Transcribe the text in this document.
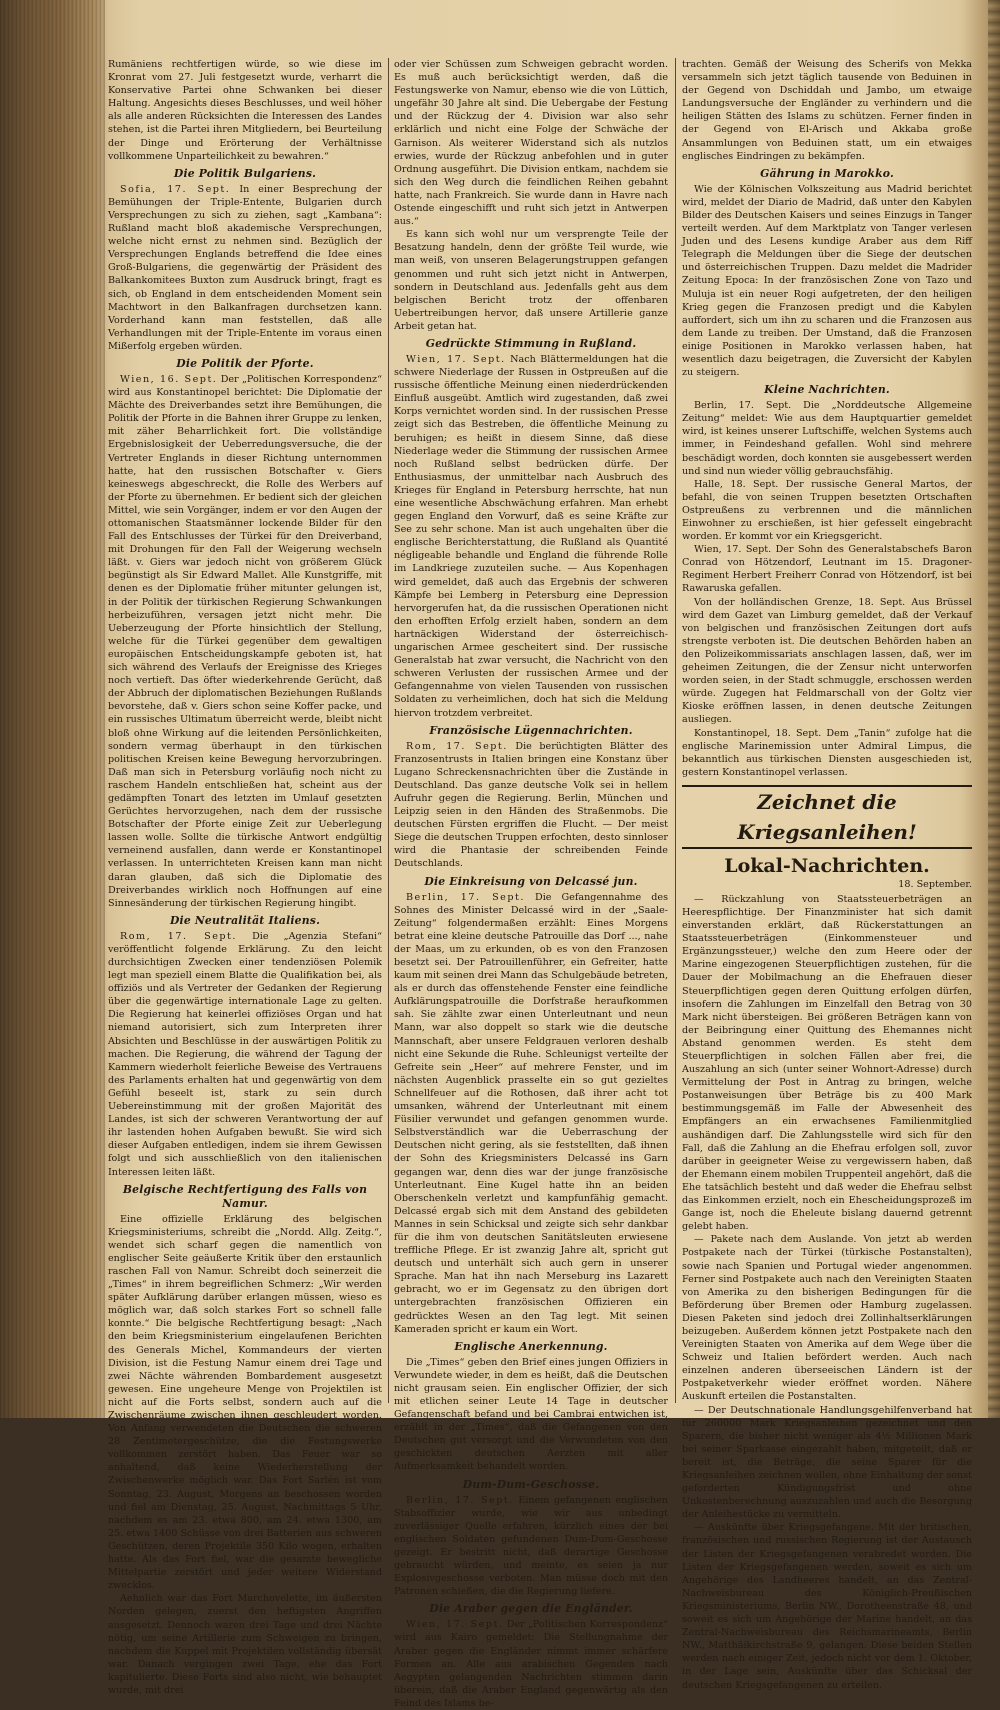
Rumäniens rechtfertigen würde, so wie diese im Kronrat vom 27. Juli festgesetzt wurde, verharrt die Konservative Partei ohne Schwanken bei dieser Haltung. Angesichts dieses Beschlusses, und weil höher als alle anderen Rücksichten die Interessen des Landes stehen, ist die Partei ihren Mitgliedern, bei Beurteilung der Dinge und Erörterung der Verhältnisse vollkommene Unparteilichkeit zu bewahren.“

Die Politik Bulgariens.

Sofia, 17. Sept. In einer Besprechung der Bemühungen der Triple-Entente, Bulgarien durch Versprechungen zu sich zu ziehen, sagt „Kambana“: Rußland macht bloß akademische Versprechungen, welche nicht ernst zu nehmen sind. Bezüglich der Versprechungen Englands betreffend die Idee eines Groß-Bulgariens, die gegenwärtig der Präsident des Balkankomitees Buxton zum Ausdruck bringt, fragt es sich, ob England in dem entscheidenden Moment sein Machtwort in den Balkanfragen durchsetzen kann. Vorderhand kann man feststellen, daß alle Verhandlungen mit der Triple-Entente im voraus einen Mißerfolg ergeben würden.

Die Politik der Pforte.

Wien, 16. Sept. Der „Politischen Korrespondenz“ wird aus Konstantinopel berichtet: Die Diplomatie der Mächte des Dreiverbandes setzt ihre Bemühungen, die Politik der Pforte in die Bahnen ihrer Gruppe zu lenken, mit zäher Beharrlichkeit fort. Die vollständige Ergebnislosigkeit der Ueberredungsversuche, die der Vertreter Englands in dieser Richtung unternommen hatte, hat den russischen Botschafter v. Giers keineswegs abgeschreckt, die Rolle des Werbers auf der Pforte zu übernehmen. Er bedient sich der gleichen Mittel, wie sein Vorgänger, indem er vor den Augen der ottomanischen Staatsmänner lockende Bilder für den Fall des Entschlusses der Türkei für den Dreiverband, mit Drohungen für den Fall der Weigerung wechseln läßt. v. Giers war jedoch nicht von größerem Glück begünstigt als Sir Edward Mallet. Alle Kunstgriffe, mit denen es der Diplomatie früher mitunter gelungen ist, in der Politik der türkischen Regierung Schwankungen herbeizuführen, versagen jetzt nicht mehr. Die Ueberzeugung der Pforte hinsichtlich der Stellung, welche für die Türkei gegenüber dem gewaltigen europäischen Entscheidungskampfe geboten ist, hat sich während des Verlaufs der Ereignisse des Krieges noch vertieft. Das öfter wiederkehrende Gerücht, daß der Abbruch der diplomatischen Beziehungen Rußlands bevorstehe, daß v. Giers schon seine Koffer packe, und ein russisches Ultimatum überreicht werde, bleibt nicht bloß ohne Wirkung auf die leitenden Persönlichkeiten, sondern vermag überhaupt in den türkischen politischen Kreisen keine Bewegung hervorzubringen. Daß man sich in Petersburg vorläufig noch nicht zu raschem Handeln entschließen hat, scheint aus der gedämpften Tonart des letzten im Umlauf gesetzten Gerüchtes hervorzugehen, nach dem der russische Botschafter der Pforte einige Zeit zur Ueberlegung lassen wolle. Sollte die türkische Antwort endgültig verneinend ausfallen, dann werde er Konstantinopel verlassen. In unterrichteten Kreisen kann man nicht daran glauben, daß sich die Diplomatie des Dreiverbandes wirklich noch Hoffnungen auf eine Sinnesänderung der türkischen Regierung hingibt.

Die Neutralität Italiens.

Rom, 17. Sept. Die „Agenzia Stefani“ veröffentlicht folgende Erklärung. Zu den leicht durchsichtigen Zwecken einer tendenziösen Polemik legt man speziell einem Blatte die Qualifikation bei, als offiziös und als Vertreter der Gedanken der Regierung über die gegenwärtige internationale Lage zu gelten. Die Regierung hat keinerlei offiziöses Organ und hat niemand autorisiert, sich zum Interpreten ihrer Absichten und Beschlüsse in der auswärtigen Politik zu machen. Die Regierung, die während der Tagung der Kammern wiederholt feierliche Beweise des Vertrauens des Parlaments erhalten hat und gegenwärtig von dem Gefühl beseelt ist, stark zu sein durch Uebereinstimmung mit der großen Majorität des Landes, ist sich der schweren Verantwortung der auf ihr lastenden hohen Aufgaben bewußt. Sie wird sich dieser Aufgaben entledigen, indem sie ihrem Gewissen folgt und sich ausschließlich von den italienischen Interessen leiten läßt.

Belgische Rechtfertigung des Falls von Namur.

Eine offizielle Erklärung des belgischen Kriegsministeriums, schreibt die „Nordd. Allg. Zeitg.“, wendet sich scharf gegen die namentlich von englischer Seite geäußerte Kritik über den erstaunlich raschen Fall von Namur. Schreibt doch seinerzeit die „Times“ in ihrem begreiflichen Schmerz: „Wir werden später Aufklärung darüber erlangen müssen, wieso es möglich war, daß solch starkes Fort so schnell falle konnte.“ Die belgische Rechtfertigung besagt: „Nach den beim Kriegsministerium eingelaufenen Berichten des Generals Michel, Kommandeurs der vierten Division, ist die Festung Namur einem drei Tage und zwei Nächte währenden Bombardement ausgesetzt gewesen. Eine ungeheure Menge von Projektilen ist nicht auf die Forts selbst, sondern auch auf die Zwischenräume zwischen ihnen geschleudert worden. Von Anfang verwendeten die Deutschen die schweren 28 Zentimetergeschütze, die die Festungswerke vollkommen zerstört haben. Das Feuer war so anhaltend, daß keine Wiederherstellung der Zwischenwerke möglich war. Das Fort Sarlén ist vom Sonntag, 23. August, Morgens an beschossen worden und fiel am Dienstag, 25. August, Nachmittags 5 Uhr, nachdem es am 23. etwa 800, am 24. etwa 1300, am 25. etwa 1400 Schüsse von drei Batterien aus schweren Geschützen, deren Projektile 350 Kilo wogen, erhalten hatte. Als das Fort fiel, war die gesamte bewegliche Mittelpartie zerstört und jeder weitere Widerstand zwecklos.

Aehnlich war das Fort Marchovelette, im äußersten Norden gelegen, zuerst den heftigsten Angriffen ausgesetzt. Dennoch waren drei Tage und drei Nächte nötig, um seine Artillerie zum Schweigen zu bringen, nachdem die Kuppel mit Projektilen vollständig übersät war. Danach vergingen zwei Tage, ehe das Fort kapitulierte. Diese Forts sind also nicht, wie behauptet wurde, mit drei

oder vier Schüssen zum Schweigen gebracht worden. Es muß auch berücksichtigt werden, daß die Festungswerke von Namur, ebenso wie die von Lüttich, ungefähr 30 Jahre alt sind. Die Uebergabe der Festung und der Rückzug der 4. Division war also sehr erklärlich und nicht eine Folge der Schwäche der Garnison. Als weiterer Widerstand sich als nutzlos erwies, wurde der Rückzug anbefohlen und in guter Ordnung ausgeführt. Die Division entkam, nachdem sie sich den Weg durch die feindlichen Reihen gebahnt hatte, nach Frankreich. Sie wurde dann in Havre nach Ostende eingeschifft und ruht sich jetzt in Antwerpen aus.“

Es kann sich wohl nur um versprengte Teile der Besatzung handeln, denn der größte Teil wurde, wie man weiß, von unseren Belagerungstruppen gefangen genommen und ruht sich jetzt nicht in Antwerpen, sondern in Deutschland aus. Jedenfalls geht aus dem belgischen Bericht trotz der offenbaren Uebertreibungen hervor, daß unsere Artillerie ganze Arbeit getan hat.

Gedrückte Stimmung in Rußland.

Wien, 17. Sept. Nach Blättermeldungen hat die schwere Niederlage der Russen in Ostpreußen auf die russische öffentliche Meinung einen niederdrückenden Einfluß ausgeübt. Amtlich wird zugestanden, daß zwei Korps vernichtet worden sind. In der russischen Presse zeigt sich das Bestreben, die öffentliche Meinung zu beruhigen; es heißt in diesem Sinne, daß diese Niederlage weder die Stimmung der russischen Armee noch Rußland selbst bedrücken dürfe. Der Enthusiasmus, der unmittelbar nach Ausbruch des Krieges für England in Petersburg herrschte, hat nun eine wesentliche Abschwächung erfahren. Man erhebt gegen England den Vorwurf, daß es seine Kräfte zur See zu sehr schone. Man ist auch ungehalten über die englische Berichterstattung, die Rußland als Quantité négligeable behandle und England die führende Rolle im Landkriege zuzuteilen suche. — Aus Kopenhagen wird gemeldet, daß auch das Ergebnis der schweren Kämpfe bei Lemberg in Petersburg eine Depression hervorgerufen hat, da die russischen Operationen nicht den erhofften Erfolg erzielt haben, sondern an dem hartnäckigen Widerstand der österreichisch-ungarischen Armee gescheitert sind. Der russische Generalstab hat zwar versucht, die Nachricht von den schweren Verlusten der russischen Armee und der Gefangennahme von vielen Tausenden von russischen Soldaten zu verheimlichen, doch hat sich die Meldung hiervon trotzdem verbreitet.

Französische Lügennachrichten.

Rom, 17. Sept. Die berüchtigten Blätter des Franzosentrusts in Italien bringen eine Konstanz über Lugano Schreckensnachrichten über die Zustände in Deutschland. Das ganze deutsche Volk sei in hellem Aufruhr gegen die Regierung. Berlin, München und Leipzig seien in den Händen des Straßenmobs. Die deutschen Fürsten ergriffen die Flucht. — Der meist Siege die deutschen Truppen erfochten, desto sinnloser wird die Phantasie der schreibenden Feinde Deutschlands.

Die Einkreisung von Delcassé jun.

Berlin, 17. Sept. Die Gefangennahme des Sohnes des Minister Delcassé wird in der „Saale-Zeitung“ folgendermaßen erzählt: Eines Morgens betrat eine kleine deutsche Patrouille das Dorf ..., nahe der Maas, um zu erkunden, ob es von den Franzosen besetzt sei. Der Patrouillenführer, ein Gefreiter, hatte kaum mit seinen drei Mann das Schulgebäude betreten, als er durch das offenstehende Fenster eine feindliche Aufklärungspatrouille die Dorfstraße heraufkommen sah. Sie zählte zwar einen Unterleutnant und neun Mann, war also doppelt so stark wie die deutsche Mannschaft, aber unsere Feldgrauen verloren deshalb nicht eine Sekunde die Ruhe. Schleunigst verteilte der Gefreite sein „Heer“ auf mehrere Fenster, und im nächsten Augenblick prasselte ein so gut gezieltes Schnellfeuer auf die Rothosen, daß ihrer acht tot umsanken, während der Unterleutnant mit einem Füsilier verwundet und gefangen genommen wurde. Selbstverständlich war die Ueberraschung der Deutschen nicht gering, als sie feststellten, daß ihnen der Sohn des Kriegsministers Delcassé ins Garn gegangen war, denn dies war der junge französische Unterleutnant. Eine Kugel hatte ihn an beiden Oberschenkeln verletzt und kampfunfähig gemacht. Delcassé ergab sich mit dem Anstand des gebildeten Mannes in sein Schicksal und zeigte sich sehr dankbar für die ihm von deutschen Sanitätsleuten erwiesene treffliche Pflege. Er ist zwanzig Jahre alt, spricht gut deutsch und unterhält sich auch gern in unserer Sprache. Man hat ihn nach Merseburg ins Lazarett gebracht, wo er im Gegensatz zu den übrigen dort untergebrachten französischen Offizieren ein gedrücktes Wesen an den Tag legt. Mit seinen Kameraden spricht er kaum ein Wort.

Englische Anerkennung.

Die „Times“ geben den Brief eines jungen Offiziers in Verwundete wieder, in dem es heißt, daß die Deutschen nicht grausam seien. Ein englischer Offizier, der sich mit etlichen seiner Leute 14 Tage in deutscher Gefangenschaft befand und bei Cambrai entwichen ist, erzählt in der „Times“, daß die Gefangenen von den Deutschen gut versorgt und die Verwundeten von den geschickten deutschen Aerzten mit aller Aufmerksamkeit behandelt worden.

Dum-Dum-Geschosse.

Berlin, 17. Sept. Einem gefangenen englischen Stabsoffizier wurde, wie wir aus unbedingt zuverlässiger Quelle erfahren, kürzlich eines der bei englischen Soldaten gefundenen Dum-Dum-Geschosse gezeigt. Er bestritt nicht, daß derartige Geschosse gebraucht würden, und meinte, es seien ja nur Explosivgeschosse verboten. Man müsse doch mit den Patronen schießen, die die Regierung liefere.

Die Araber gegen die Engländer.

Wien, 17. Sept. Der „Politischen Korrespondenz“ wird aus Kairo gemeldet: Die Stellungnahme der Araber gegen die Engländer nimmt immer schärfere Formen an. Alle aus arabischen Gegenden nach Aegypten gelangenden Nachrichten stimmen darin überein, daß die Araber England gegenwärtig als den Feind des Islams be-

trachten. Gemäß der Weisung des Scherifs von Mekka versammeln sich jetzt täglich tausende von Beduinen in der Gegend von Dschiddah und Jambo, um etwaige Landungsversuche der Engländer zu verhindern und die heiligen Stätten des Islams zu schützen. Ferner finden in der Gegend von El-Arisch und Akkaba große Ansammlungen von Beduinen statt, um ein etwaiges englisches Eindringen zu bekämpfen.

Gährung in Marokko.

Wie der Kölnischen Volkszeitung aus Madrid berichtet wird, meldet der Diario de Madrid, daß unter den Kabylen Bilder des Deutschen Kaisers und seines Einzugs in Tanger verteilt werden. Auf dem Marktplatz von Tanger verlesen Juden und des Lesens kundige Araber aus dem Riff Telegraph die Meldungen über die Siege der deutschen und österreichischen Truppen. Dazu meldet die Madrider Zeitung Epoca: In der französischen Zone von Tazo und Muluja ist ein neuer Rogi aufgetreten, der den heiligen Krieg gegen die Franzosen predigt und die Kabylen auffordert, sich um ihn zu scharen und die Franzosen aus dem Lande zu treiben. Der Umstand, daß die Franzosen einige Positionen in Marokko verlassen haben, hat wesentlich dazu beigetragen, die Zuversicht der Kabylen zu steigern.

Kleine Nachrichten.

Berlin, 17. Sept. Die „Norddeutsche Allgemeine Zeitung“ meldet: Wie aus dem Hauptquartier gemeldet wird, ist keines unserer Luftschiffe, welchen Systems auch immer, in Feindeshand gefallen. Wohl sind mehrere beschädigt worden, doch konnten sie ausgebessert werden und sind nun wieder völlig gebrauchsfähig.

Halle, 18. Sept. Der russische General Martos, der befahl, die von seinen Truppen besetzten Ortschaften Ostpreußens zu verbrennen und die männlichen Einwohner zu erschießen, ist hier gefesselt eingebracht worden. Er kommt vor ein Kriegsgericht.

Wien, 17. Sept. Der Sohn des Generalstabschefs Baron Conrad von Hötzendorf, Leutnant im 15. Dragoner-Regiment Herbert Freiherr Conrad von Hötzendorf, ist bei Rawaruska gefallen.

Von der holländischen Grenze, 18. Sept. Aus Brüssel wird dem Gazet van Limburg gemeldet, daß der Verkauf von belgischen und französischen Zeitungen dort aufs strengste verboten ist. Die deutschen Behörden haben an den Polizeikommissariats anschlagen lassen, daß, wer im geheimen Zeitungen, die der Zensur nicht unterworfen worden seien, in der Stadt schmuggle, erschossen werden würde. Zugegen hat Feldmarschall von der Goltz vier Kioske eröffnen lassen, in denen deutsche Zeitungen ausliegen.

Konstantinopel, 18. Sept. Dem „Tanin“ zufolge hat die englische Marinemission unter Admiral Limpus, die bekanntlich aus türkischen Diensten ausgeschieden ist, gestern Konstantinopel verlassen.

Zeichnet die Kriegsanleihen!
Lokal-Nachrichten.
18. September.

— Rückzahlung von Staatssteuerbeträgen an Heerespflichtige. Der Finanzminister hat sich damit einverstanden erklärt, daß Rückerstattungen an Staatssteuerbeträgen (Einkommensteuer und Ergänzungssteuer,) welche den zum Heere oder der Marine eingezogenen Steuerpflichtigen zustehen, für die Dauer der Mobilmachung an die Ehefrauen dieser Steuerpflichtigen gegen deren Quittung erfolgen dürfen, insofern die Zahlungen im Einzelfall den Betrag von 30 Mark nicht übersteigen. Bei größeren Beträgen kann von der Beibringung einer Quittung des Ehemannes nicht Abstand genommen werden. Es steht dem Steuerpflichtigen in solchen Fällen aber frei, die Auszahlung an sich (unter seiner Wohnort-Adresse) durch Vermittelung der Post in Antrag zu bringen, welche Postanweisungen über Beträge bis zu 400 Mark bestimmungsgemäß im Falle der Abwesenheit des Empfängers an ein erwachsenes Familienmitglied aushändigen darf. Die Zahlungsstelle wird sich für den Fall, daß die Zahlung an die Ehefrau erfolgen soll, zuvor darüber in geeigneter Weise zu vergewissern haben, daß der Ehemann einem mobilen Truppenteil angehört, daß die Ehe tatsächlich besteht und daß weder die Ehefrau selbst das Einkommen erzielt, noch ein Ehescheidungsprozeß im Gange ist, noch die Eheleute bislang dauernd getrennt gelebt haben.

— Pakete nach dem Auslande. Von jetzt ab werden Postpakete nach der Türkei (türkische Postanstalten), sowie nach Spanien und Portugal wieder angenommen. Ferner sind Postpakete auch nach den Vereinigten Staaten von Amerika zu den bisherigen Bedingungen für die Beförderung über Bremen oder Hamburg zugelassen. Diesen Paketen sind jedoch drei Zollinhaltserklärungen beizugeben. Außerdem können jetzt Postpakete nach den Vereinigten Staaten von Amerika auf dem Wege über die Schweiz und Italien befördert werden. Auch nach einzelnen anderen überseeischen Ländern ist der Postpaketverkehr wieder eröffnet worden. Nähere Auskunft erteilen die Postanstalten.

— Der Deutschnationale Handlungsgehilfenverband hat für 260000 Mark Kriegsanleihen gezeichnet und den Sparern, die bisher nicht weniger als 4½ Millionen Mark bei seiner Sparkasse eingezahlt haben, mitgeteilt, daß er bereit ist, die Beträge, die seine Sparer für die Kriegsanleihen zeichnen wollen, ohne Einhaltung der sonst geforderten Kündigungsfrist und ohne Unkostenberechnung auszuzahlen und auch die Besorgung der Anleihestücke zu vermitteln.

— Auskünfte über Kriegsgefangene. Mit der britischen, französischen und russischen Regierung ist der Austausch der Listen der Kriegsgefangenen verabredet worden. Die Listen der Kriegsgefangenen werden, soweit es sich um Angehörige des Landheeres handelt, an das Zentral-Nachweisbureau des Königlich-Preußischen Kriegsministeriums, Berlin NW., Dorotheenstraße 48, und soweit es sich um Angehörige der Marine handelt, an das Zentral-Nachweisbureau des Reichsmarineamts, Berlin NW., Matthäikirchstraße 9, gelangen. Diese beiden Stellen werden nach einiger Zeit, jedoch nicht vor dem 1. Oktober, in der Lage sein, Auskünfte über das Schicksal der deutschen Kriegsgefangenen zu erteilen.
